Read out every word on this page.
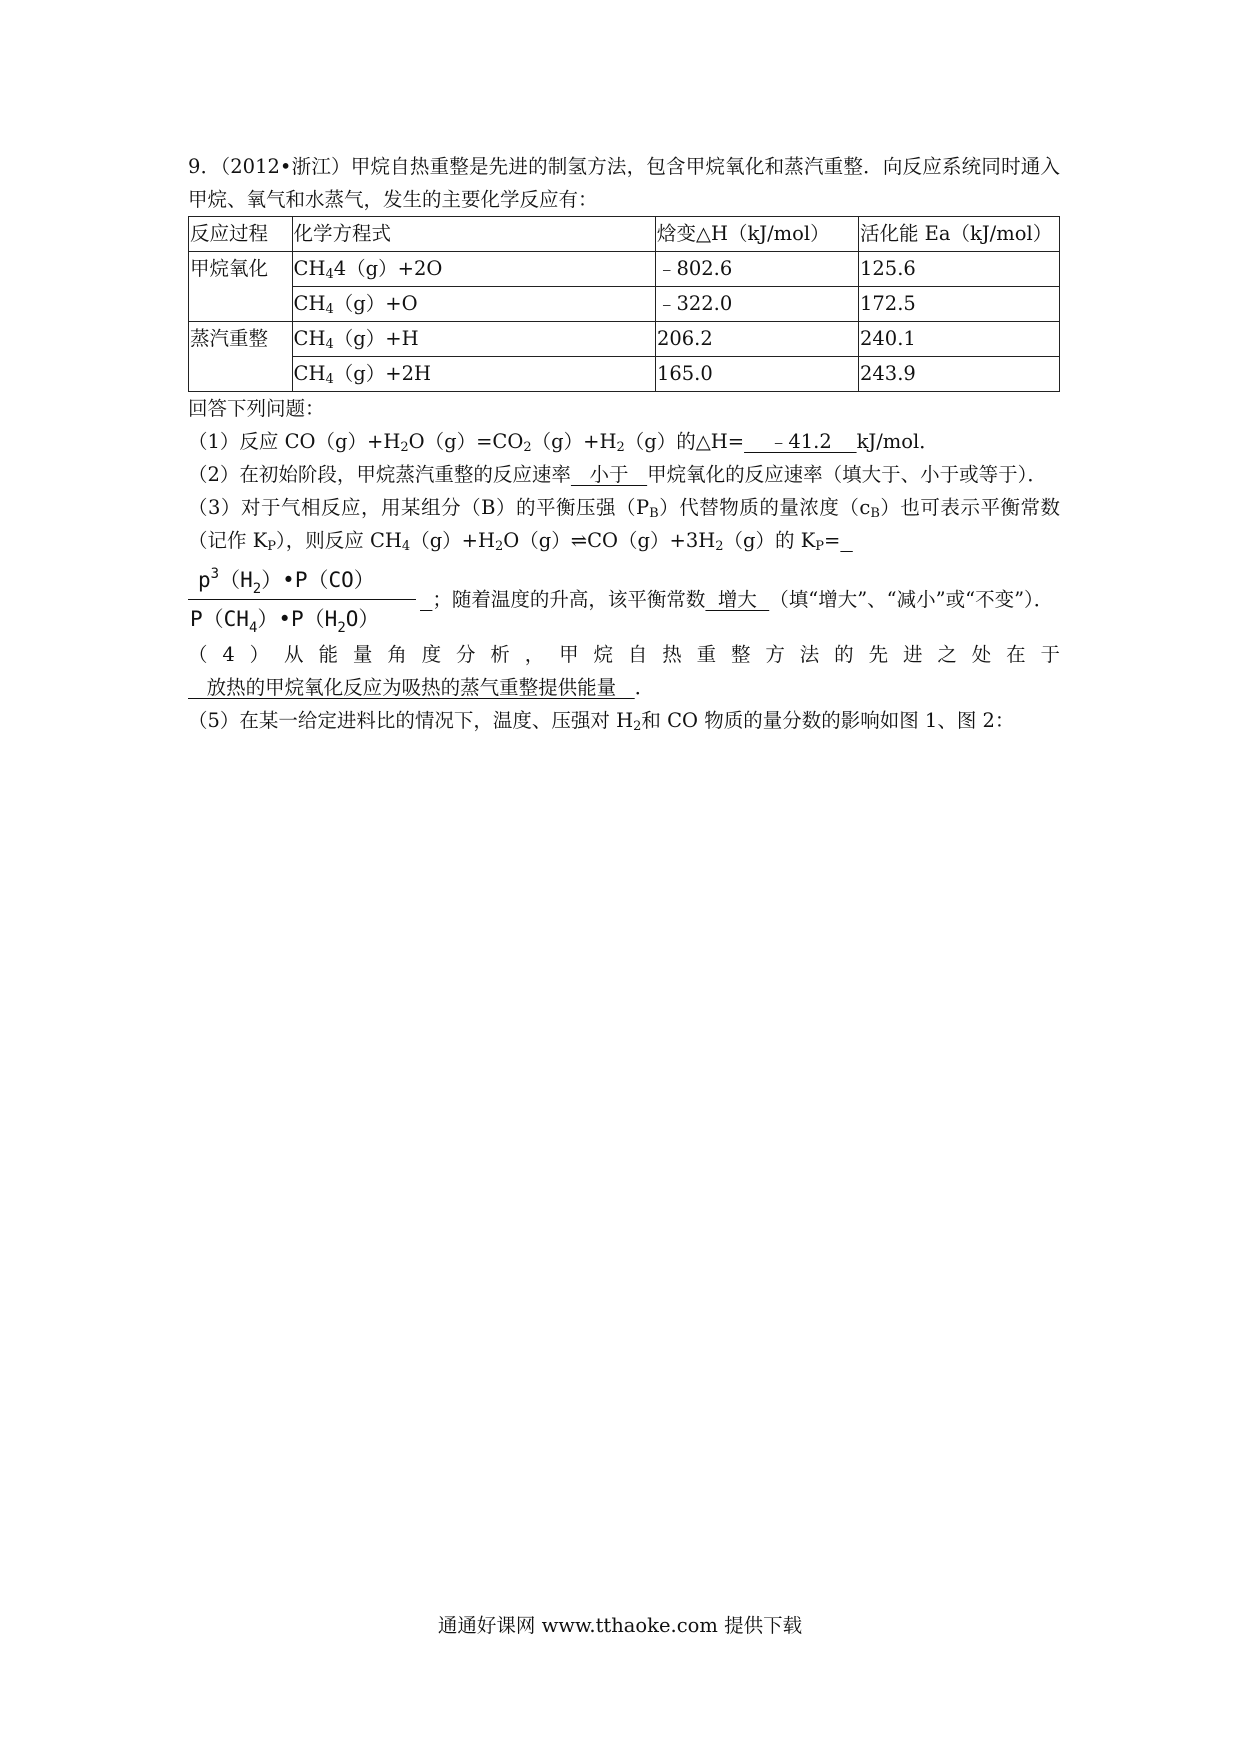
9．（2012•浙江）甲烷自热重整是先进的制氢方法，包含甲烷氧化和蒸汽重整．向反应系统同时通入甲烷、氧气和水蒸气，发生的主要化学反应有：
反应过程	化学方程式	焓变△H（kJ/mol）	活化能 Ea（kJ/mol）
甲烷氧化	$CH_44(g)+2O$	﹣802.6	125.6
	$CH_4(g)+O$	﹣322.0	172.5
蒸汽重整	$CH_4(g)+H$	206.2	240.1
	$CH_4(g)+2H$	165.0	243.9
回答下列问题：
（1）反应 $CO(g)+H_2O(g)=CO_2(g)+H_2(g)$的△H=    ﹣41.2    kJ/mol．
（2）在初始阶段，甲烷蒸汽重整的反应速率   小于   甲烷氧化的反应速率（填大于、小于或等于）．
（3）对于气相反应，用某组分（B）的平衡压强$(P_B)$代替物质的量浓度$(c_B)$也可表示平衡常数（记作 $K_P$），则反应 $CH_4(g)+H_2O(g)\rightleftharpoons CO(g)+3H_2(g)$的 $K_P=$
$\frac{p^3(H_2)•P(CO)}{P(CH_4)•P(H_2O)}$ ；随着温度的升高，该平衡常数  增大  （填“增大”、“减小”或“不变”）．
（4）从能量角度分析，甲烷自热重整方法的先进之处在于   放热的甲烷氧化反应为吸热的蒸气重整提供能量   ．
（5）在某一给定进料比的情况下，温度、压强对 $H_2$和 CO 物质的量分数的影响如图 1、图 2：
通通好课网 www.tthaoke.com 提供下载
